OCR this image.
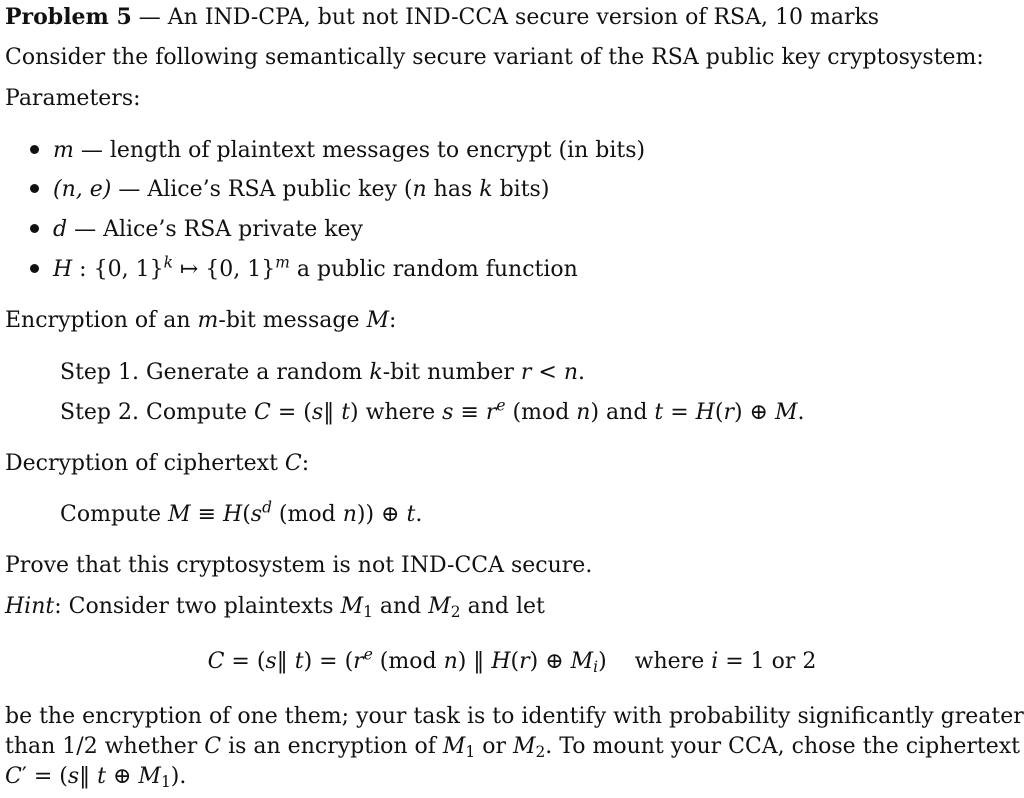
Problem 5 — An IND-CPA, but not IND-CCA secure version of RSA, 10 marks
Consider the following semantically secure variant of the RSA public key cryptosystem:
Parameters:
m — length of plaintext messages to encrypt (in bits)
(n, e) — Alice’s RSA public key (n has k bits)
d — Alice’s RSA private key
H : {0, 1}$^k$ ↦ {0, 1}$^m$ a public random function
Encryption of an m-bit message M:
Step 1. Generate a random k-bit number r < n.
Step 2. Compute C = (s‖ t) where $s \equiv r^e$ (mod n) and t = H(r) ⊕ M.
Decryption of ciphertext C:
Compute $M \equiv H(s^d$ (mod n)) ⊕ t.
Prove that this cryptosystem is not IND-CCA secure.
Hint: Consider two plaintexts $M_1$ and $M_2$ and let
C = (s‖ $t) = (r^e$ (mod n) ‖ H(r) ⊕ $M_i$)    where i = 1 or 2
be the encryption of one them; your task is to identify with probability significantly greater
than 1/2 whether C is an encryption of $M_1$ or $M_2$. To mount your CCA, chose the ciphertext
C′ = (s‖ t ⊕ $M_1$).
